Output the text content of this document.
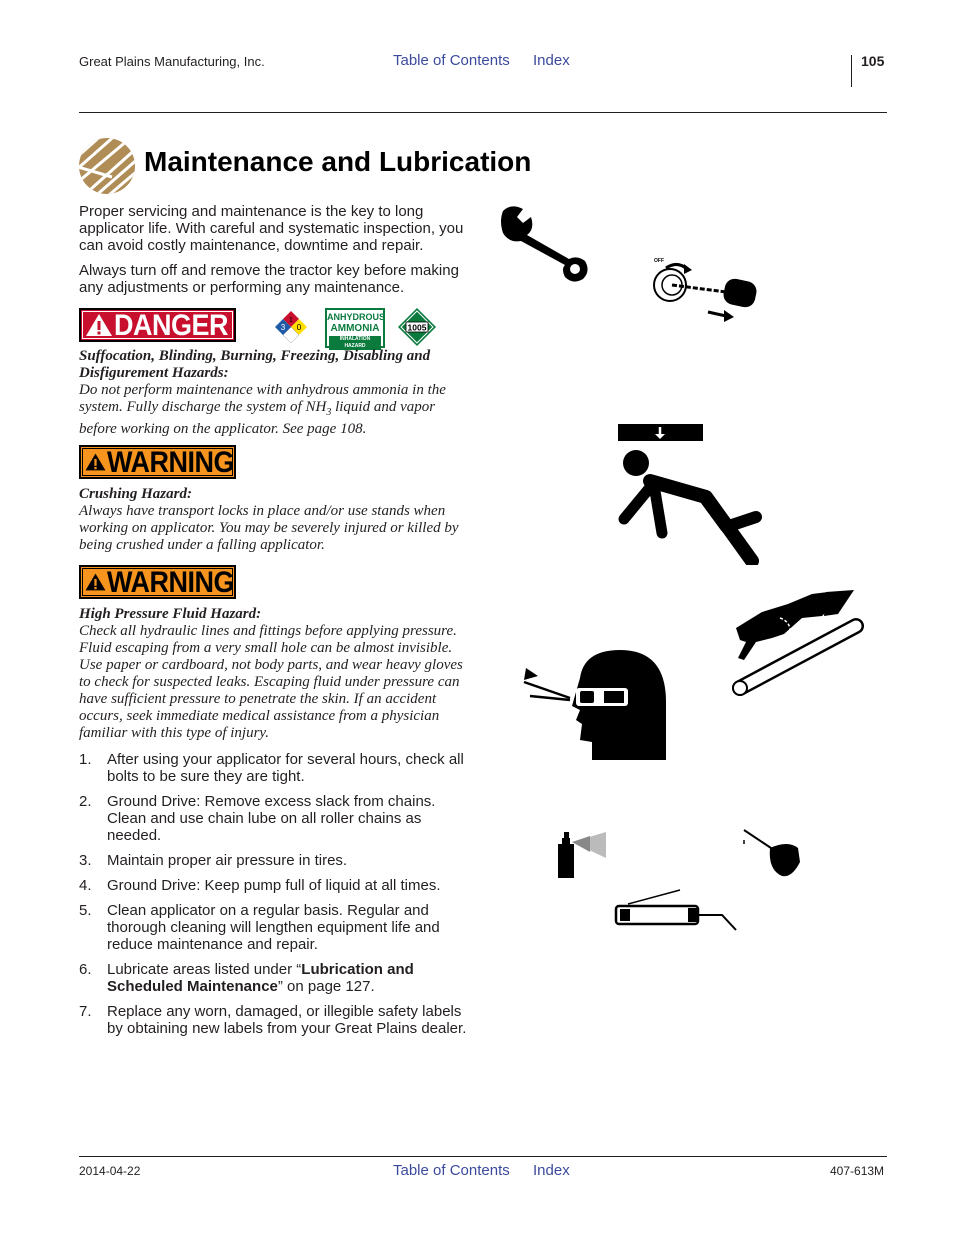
Great Plains Manufacturing, Inc.	Table of Contents Index	105
Maintenance and Lubrication
Proper servicing and maintenance is the key to long applicator life. With careful and systematic inspection, you can avoid costly maintenance, downtime and repair.
Always turn off and remove the tractor key before making any adjustments or performing any maintenance.
DANGER	1
3 0
ANHYDROUS
AMMONIA
INHALATION HAZARD
1005
Suffocation, Blinding, Burning, Freezing, Disabling and Disfigurement Hazards:
Do not perform maintenance with anhydrous ammonia in the system. Fully discharge the system of $NH_3$ liquid and vapor before working on the applicator. See page 108.
WARNING
Crushing Hazard:
Always have transport locks in place and/or use stands when working on applicator. You may be severely injured or killed by being crushed under a falling applicator.
WARNING
High Pressure Fluid Hazard:
Check all hydraulic lines and fittings before applying pressure. Fluid escaping from a very small hole can be almost invisible. Use paper or cardboard, not body parts, and wear heavy gloves to check for suspected leaks. Escaping fluid under pressure can have sufficient pressure to penetrate the skin. If an accident occurs, seek immediate medical assistance from a physician familiar with this type of injury.
1.	After using your applicator for several hours, check all bolts to be sure they are tight.
2.	Ground Drive: Remove excess slack from chains. Clean and use chain lube on all roller chains as needed.
3.	Maintain proper air pressure in tires.
4.	Ground Drive: Keep pump full of liquid at all times.
5.	Clean applicator on a regular basis. Regular and thorough cleaning will lengthen equipment life and reduce maintenance and repair.
6.	Lubricate areas listed under “Lubrication and Scheduled Maintenance” on page 127.
7.	Replace any worn, damaged, or illegible safety labels by obtaining new labels from your Great Plains dealer.
OFF
2014-04-22	Table of Contents Index	407-613M
